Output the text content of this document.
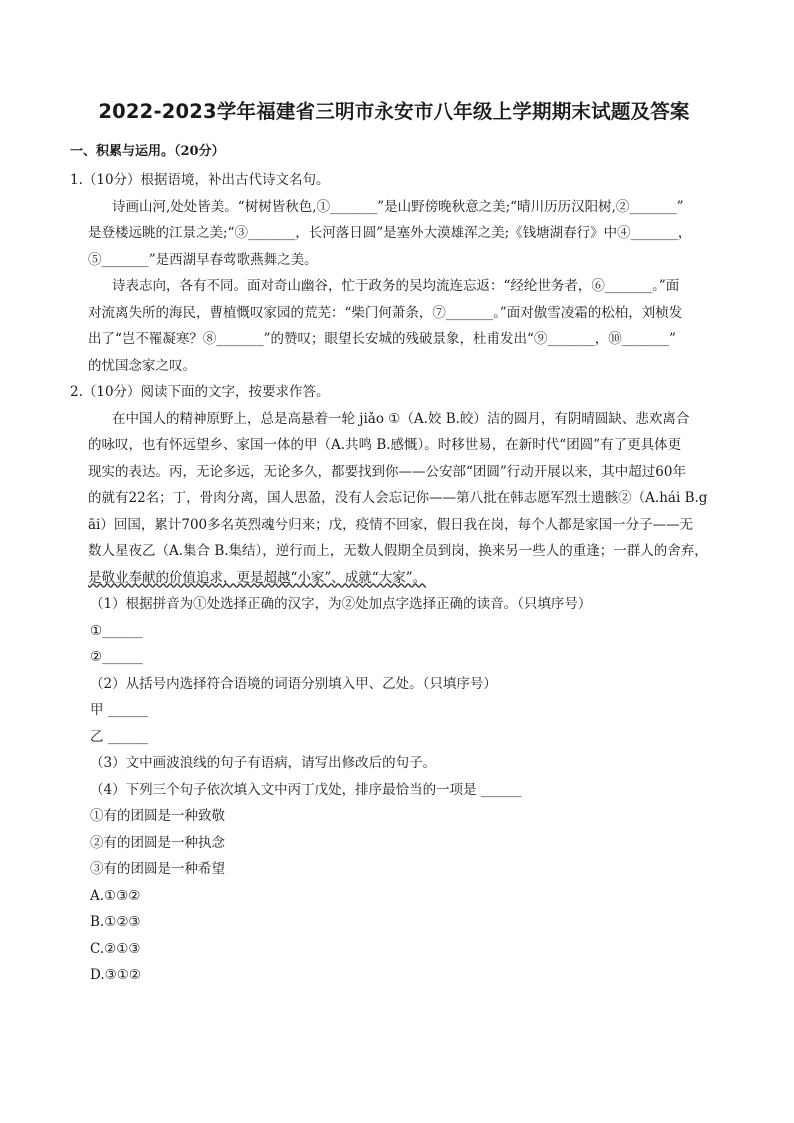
2022-2023学年福建省三明市永安市八年级上学期期末试题及答案
一、积累与运用。（20分）
1.（10分）根据语境，补出古代诗文名句。
诗画山河,处处皆美。“树树皆秋色,①_______”是山野傍晚秋意之美;“晴川历历汉阳树,②_______”
是登楼远眺的江景之美;“③_______，长河落日圆”是塞外大漠雄浑之美;《钱塘湖春行》中④_______，
⑤_______”是西湖早春莺歌燕舞之美。
诗表志向，各有不同。面对奇山幽谷，忙于政务的吴均流连忘返：“经纶世务者，⑥_______。”面
对流离失所的海民，曹植慨叹家园的荒芜：“柴门何萧条，⑦_______。”面对傲雪凌霜的松柏，刘桢发
出了“岂不罹凝寒？⑧_______”的赞叹；眼望长安城的残破景象，杜甫发出“⑨_______，⑩_______”
的忧国念家之叹。
2.（10分）阅读下面的文字，按要求作答。
在中国人的精神原野上，总是高悬着一轮 jiǎo ①（A.姣 B.皎）洁的圆月，有阴晴圆缺、悲欢离合
的咏叹，也有怀远望乡、家国一体的甲（A.共鸣 B.感慨）。时移世易，在新时代“团圆”有了更具体更
现实的表达。丙，无论多远，无论多久，都要找到你——公安部“团圆”行动开展以来，其中超过60年
的就有22名；丁，骨肉分离，国人思盈，没有人会忘记你——第八批在韩志愿军烈士遗骸②（A.hái B.g
āi）回国，累计700多名英烈魂兮归来；戊，疫情不回家，假日我在岗，每个人都是家国一分子——无
数人星夜乙（A.集合 B.集结），逆行而上，无数人假期全员到岗，换来另一些人的重逢；一群人的舍弃，
是敬业奉献的价值追求，更是超越“小家”、成就“大家”。
（1）根据拼音为①处选择正确的汉字，为②处加点字选择正确的读音。（只填序号）
①______
②______
（2）从括号内选择符合语境的词语分别填入甲、乙处。（只填序号）
甲 ______
乙 ______
（3）文中画波浪线的句子有语病，请写出修改后的句子。
（4）下列三个句子依次填入文中丙丁戊处，排序最恰当的一项是 ______
①有的团圆是一种致敬
②有的团圆是一种执念
③有的团圆是一种希望
A.①③②
B.①②③
C.②①③
D.③①②
